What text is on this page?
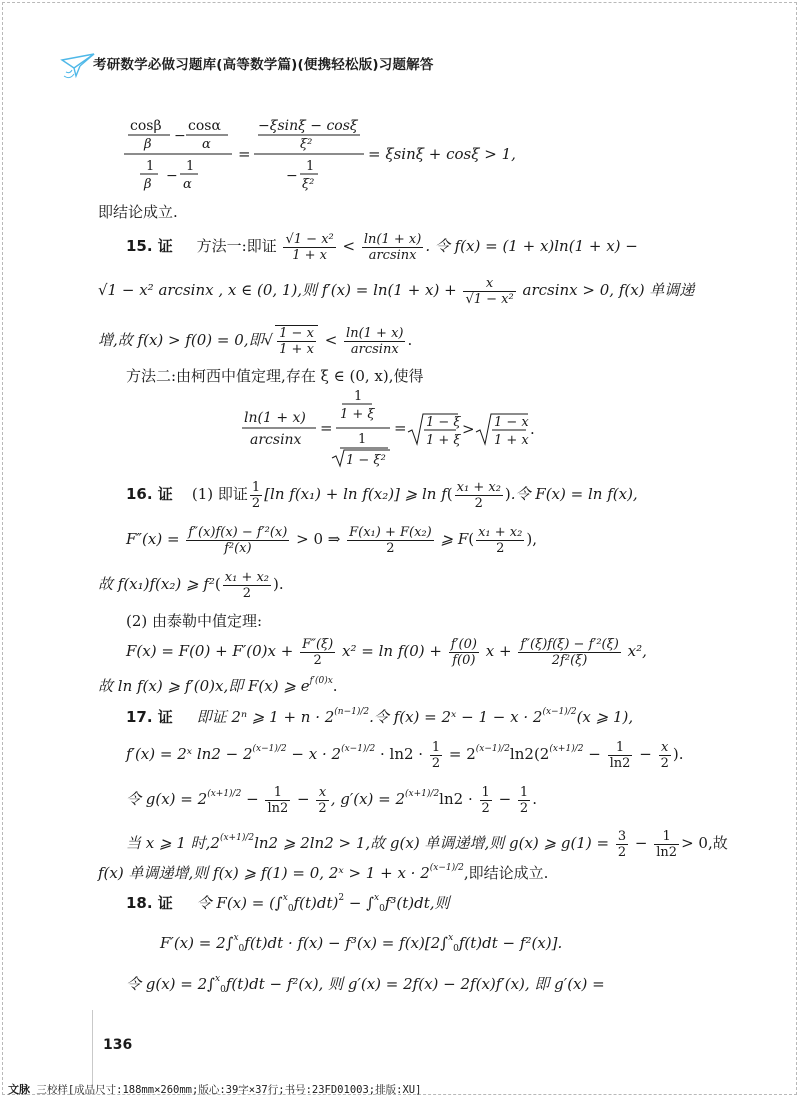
考研数学必做习题库(高等数学篇)(便携轻松版)习题解答
cosβ
β
−
cosα
α
1
β
−
1
α
=
−ξsinξ − cosξ
ξ²
−
1
ξ²
= ξsinξ + cosξ > 1,
即结论成立.
15. 证 方法一:即证 $\frac{\text{√1 − x²}}{1 + x} < \frac{\ln(1 + x)}{\arcsin x}$ . 令 f(x) = (1 + x)ln(1 + x) −
√1 − x² arcsinx , x ∈ (0, 1),则 $f'(x) = \ln(1 + x) + \frac{x}{\text{√1 − x²}}$ arcsinx > 0, f(x) 单调递
增,故 f(x) > f(0) = 0,即√ $\frac{1 - x}{1 + x} < \frac{\ln(1 + x)}{\arcsin x}$ .
方法二:由柯西中值定理,存在 ξ ∈ (0, x),使得
ln(1 + x)
arcsinx
=
1
1 + ξ
1
1 − ξ²
= 1 − ξ
1 + ξ
> 1 − x
1 + x
.
16. 证 (1) 即证 $\frac{1}{2} [\ln$ f(x₁) + ln f(x₂)] ⩾ $\ln f( \frac{\text{x₁ + x₂}}{2}$ ).令 F(x) = ln f(x),
$F''(x) = \frac{\text{f″(x)f(x) − f′²(x)}}{\text{f²(x)}} > 0$ ⇒ $\frac{\text{F(x₁) + F(x₂)}}{2}$ ⩾ $F( \frac{\text{x₁ + x₂}}{2}$ ),
故 f(x₁)f(x₂) ⩾ $f^2( \frac{\text{x₁ + x₂}}{2}$ ).
(2) 由泰勒中值定理:
$F(x) = F(0) + F'(0)x + \frac{F''(\xi)}{2} x^2 = \ln f(0) + \frac{f'(0)}{f(0)}$ $x + \frac{\text{f″(ξ)f(ξ) − f′²(ξ)}}{\text{2f²(ξ)}} x^2$,
故 ln f(x) ⩾ f′(0)x,即 F(x) ⩾ $e^{f'(0)x}$.
17. 证 即证 2ⁿ ⩾ $1 + n \cdot 2^{(n-1)/2}$.令 f(x) = 2ˣ − $1 - x \cdot 2^{(x-1)/2}(x$ ⩾ 1),
f′(x) = 2ˣ $\ln 2 - 2^{(x-1)/2} - x \cdot 2^{(x-1)/2} \cdot \ln 2 \cdot \frac{1}{2} = 2^{(x-1)/2}\ln 2(2^{(x+1)/2} - \frac{1}{\ln 2} - \frac{x}{2}$ ).
令 $g(x) = 2^{(x+1)/2} - \frac{1}{\ln 2} - \frac{x}{2}$ , $g'(x) = 2^{(x+1)/2}\ln 2 \cdot \frac{1}{2} - \frac{1}{2}$ .
当 x ⩾ 1 时$,2^{(x+1)/2}\ln 2$ ⩾ 2ln2 > 1,故 g(x) 单调递增,则 g(x) ⩾ $g(1) = \frac{3}{2} - \frac{1}{\ln 2} > 0$,故
f(x) 单调递增,则 f(x) ⩾ f(1) = 0, 2ˣ > $1 + x \cdot 2^{(x-1)/2}$,即结论成立.
18. 证 令 $F(x) = (\int^x_0f(t)dt)^2 - \int^x_0f^3(t)dt$,则
F′(x) = 2∫$^x_0$f(t)dt · f(x) − f³(x) = f(x)[2∫$^x_0$f(t)dt − f²(x)].
令 g(x) = 2∫$^x_0$f(t)dt − f²(x), 则 g′(x) = 2f(x) − 2f(x)f′(x), 即 g′(x) =
136
文脉 三校样[成品尺寸:188mm×260mm;版心:39字×37行;书号:23FD01003;排版:XU]
